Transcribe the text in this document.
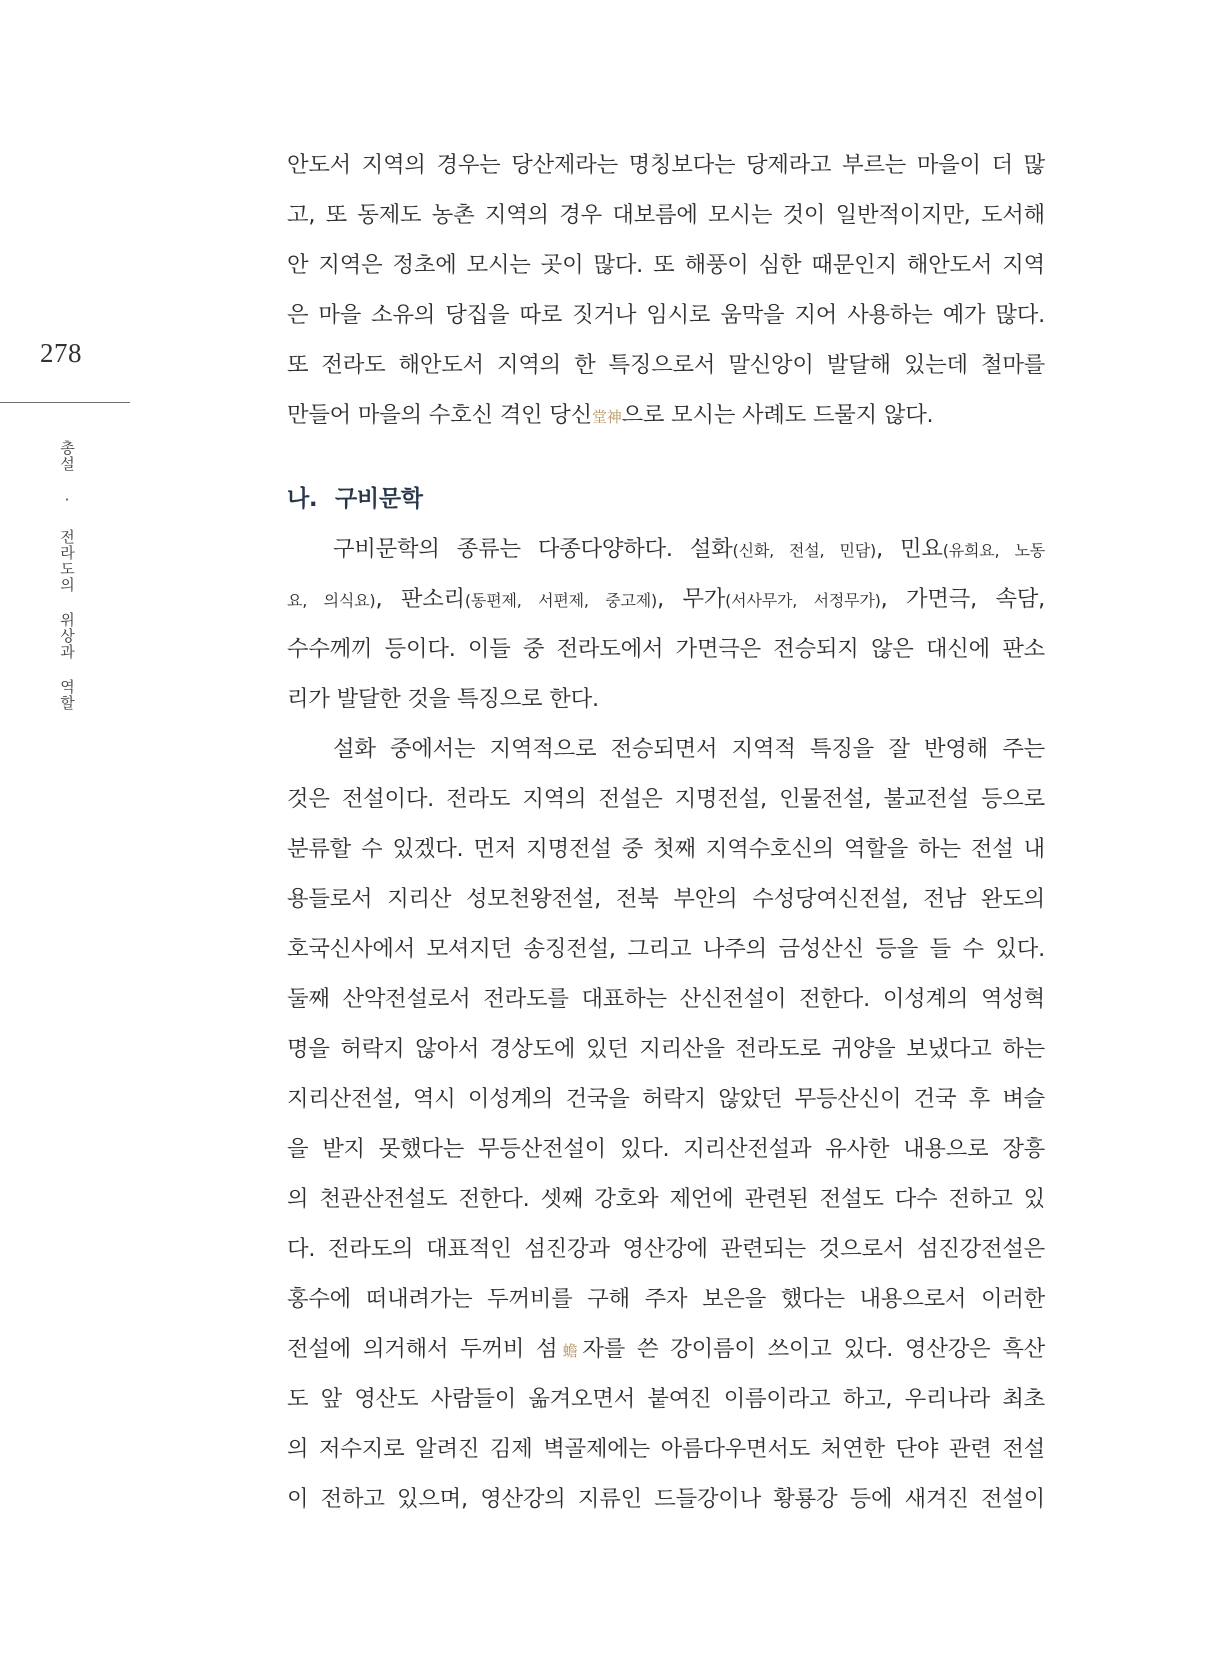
278
총설 · 전라도의 위상과 역할
안도서 지역의 경우는 당산제라는 명칭보다는 당제라고 부르는 마을이 더 많
고, 또 동제도 농촌 지역의 경우 대보름에 모시는 것이 일반적이지만, 도서해
안 지역은 정초에 모시는 곳이 많다. 또 해풍이 심한 때문인지 해안도서 지역
은 마을 소유의 당집을 따로 짓거나 임시로 움막을 지어 사용하는 예가 많다.
또 전라도 해안도서 지역의 한 특징으로서 말신앙이 발달해 있는데 철마를
만들어 마을의 수호신 격인 당신堂神으로 모시는 사례도 드물지 않다.
나. 구비문학
구비문학의 종류는 다종다양하다. 설화(신화, 전설, 민담), 민요(유희요, 노동
요, 의식요), 판소리(동편제, 서편제, 중고제), 무가(서사무가, 서정무가), 가면극, 속담,
수수께끼 등이다. 이들 중 전라도에서 가면극은 전승되지 않은 대신에 판소
리가 발달한 것을 특징으로 한다.
설화 중에서는 지역적으로 전승되면서 지역적 특징을 잘 반영해 주는
것은 전설이다. 전라도 지역의 전설은 지명전설, 인물전설, 불교전설 등으로
분류할 수 있겠다. 먼저 지명전설 중 첫째 지역수호신의 역할을 하는 전설 내
용들로서 지리산 성모천왕전설, 전북 부안의 수성당여신전설, 전남 완도의
호국신사에서 모셔지던 송징전설, 그리고 나주의 금성산신 등을 들 수 있다.
둘째 산악전설로서 전라도를 대표하는 산신전설이 전한다. 이성계의 역성혁
명을 허락지 않아서 경상도에 있던 지리산을 전라도로 귀양을 보냈다고 하는
지리산전설, 역시 이성계의 건국을 허락지 않았던 무등산신이 건국 후 벼슬
을 받지 못했다는 무등산전설이 있다. 지리산전설과 유사한 내용으로 장흥
의 천관산전설도 전한다. 셋째 강호와 제언에 관련된 전설도 다수 전하고 있
다. 전라도의 대표적인 섬진강과 영산강에 관련되는 것으로서 섬진강전설은
홍수에 떠내려가는 두꺼비를 구해 주자 보은을 했다는 내용으로서 이러한
전설에 의거해서 두꺼비 섬蟾자를 쓴 강이름이 쓰이고 있다. 영산강은 흑산
도 앞 영산도 사람들이 옮겨오면서 붙여진 이름이라고 하고, 우리나라 최초
의 저수지로 알려진 김제 벽골제에는 아름다우면서도 처연한 단야 관련 전설
이 전하고 있으며, 영산강의 지류인 드들강이나 황룡강 등에 새겨진 전설이
